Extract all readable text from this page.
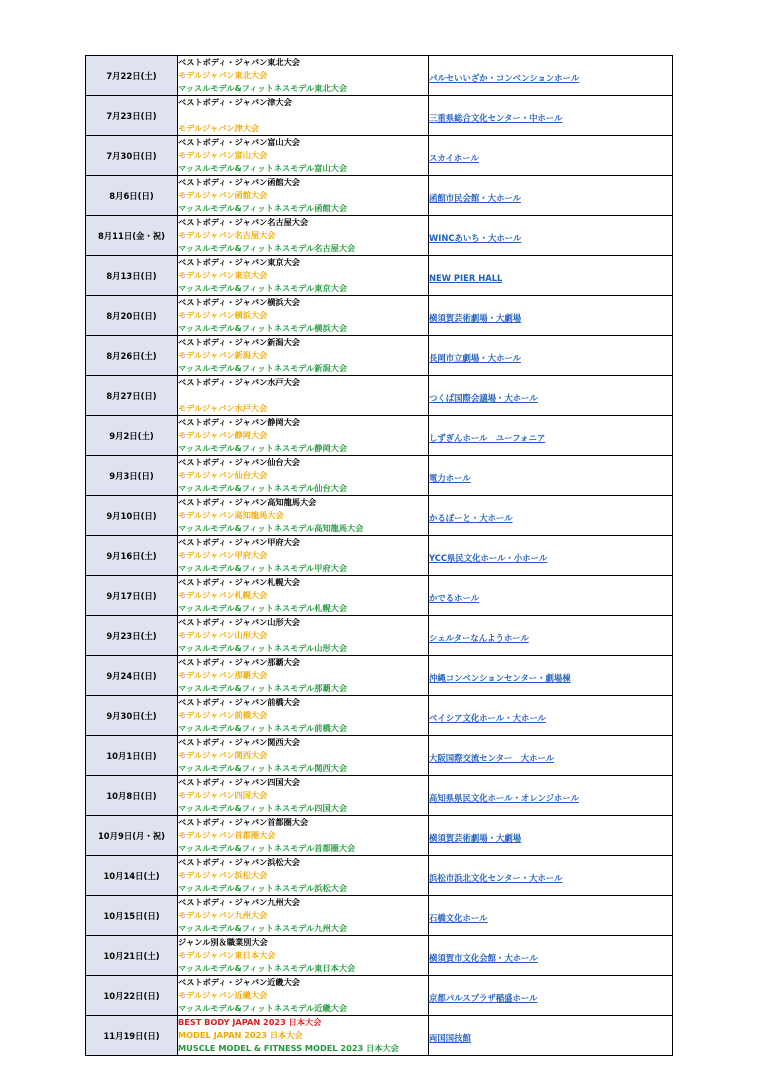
7月22日(土)	ベストボディ・ジャパン東北大会
モデルジャパン東北大会
マッスルモデル&フィットネスモデル東北大会	パルセいいざか・コンベンションホール
7月23日(日)	ベストボディ・ジャパン津大会
モデルジャパン津大会	三重県総合文化センター・中ホール
7月30日(日)	ベストボディ・ジャパン富山大会
モデルジャパン富山大会
マッスルモデル&フィットネスモデル富山大会	スカイホール
8月6日(日)	ベストボディ・ジャパン函館大会
モデルジャパン函館大会
マッスルモデル&フィットネスモデル函館大会	函館市民会館・大ホール
8月11日(金・祝)	ベストボディ・ジャパン名古屋大会
モデルジャパン名古屋大会
マッスルモデル&フィットネスモデル名古屋大会	WINCあいち・大ホール
8月13日(日)	ベストボディ・ジャパン東京大会
モデルジャパン東京大会
マッスルモデル&フィットネスモデル東京大会	NEW PIER HALL
8月20日(日)	ベストボディ・ジャパン横浜大会
モデルジャパン横浜大会
マッスルモデル&フィットネスモデル横浜大会	横須賀芸術劇場・大劇場
8月26日(土)	ベストボディ・ジャパン新潟大会
モデルジャパン新潟大会
マッスルモデル&フィットネスモデル新潟大会	長岡市立劇場・大ホール
8月27日(日)	ベストボディ・ジャパン水戸大会
モデルジャパン水戸大会	つくば国際会議場・大ホール
9月2日(土)	ベストボディ・ジャパン静岡大会
モデルジャパン静岡大会
マッスルモデル&フィットネスモデル静岡大会	しずぎんホール　ユーフォニア
9月3日(日)	ベストボディ・ジャパン仙台大会
モデルジャパン仙台大会
マッスルモデル&フィットネスモデル仙台大会	電力ホール
9月10日(日)	ベストボディ・ジャパン高知龍馬大会
モデルジャパン高知龍馬大会
マッスルモデル&フィットネスモデル高知龍馬大会	かるぽーと・大ホール
9月16日(土)	ベストボディ・ジャパン甲府大会
モデルジャパン甲府大会
マッスルモデル&フィットネスモデル甲府大会	YCC県民文化ホール・小ホール
9月17日(日)	ベストボディ・ジャパン札幌大会
モデルジャパン札幌大会
マッスルモデル&フィットネスモデル札幌大会	かでるホール
9月23日(土)	ベストボディ・ジャパン山形大会
モデルジャパン山形大会
マッスルモデル&フィットネスモデル山形大会	シェルターなんようホール
9月24日(日)	ベストボディ・ジャパン那覇大会
モデルジャパン那覇大会
マッスルモデル&フィットネスモデル那覇大会	沖縄コンベンションセンター・劇場棟
9月30日(土)	ベストボディ・ジャパン前橋大会
モデルジャパン前橋大会
マッスルモデル&フィットネスモデル前橋大会	ベイシア文化ホール・大ホール
10月1日(日)	ベストボディ・ジャパン関西大会
モデルジャパン関西大会
マッスルモデル&フィットネスモデル関西大会	大阪国際交流センター　大ホール
10月8日(日)	ベストボディ・ジャパン四国大会
モデルジャパン四国大会
マッスルモデル&フィットネスモデル四国大会	高知県県民文化ホール・オレンジホール
10月9日(月・祝)	ベストボディ・ジャパン首都圏大会
モデルジャパン首都圏大会
マッスルモデル&フィットネスモデル首都圏大会	横須賀芸術劇場・大劇場
10月14日(土)	ベストボディ・ジャパン浜松大会
モデルジャパン浜松大会
マッスルモデル&フィットネスモデル浜松大会	浜松市浜北文化センター・大ホール
10月15日(日)	ベストボディ・ジャパン九州大会
モデルジャパン九州大会
マッスルモデル&フィットネスモデル九州大会	石橋文化ホール
10月21日(土)	ジャンル別＆職業別大会
モデルジャパン東日本大会
マッスルモデル&フィットネスモデル東日本大会	横須賀市文化会館・大ホール
10月22日(日)	ベストボディ・ジャパン近畿大会
モデルジャパン近畿大会
マッスルモデル&フィットネスモデル近畿大会	京都パルスプラザ稲盛ホール
11月19日(日)	BEST BODY JAPAN 2023 日本大会
MODEL JAPAN 2023 日本大会
MUSCLE MODEL & FITNESS MODEL 2023 日本大会	両国国技館
